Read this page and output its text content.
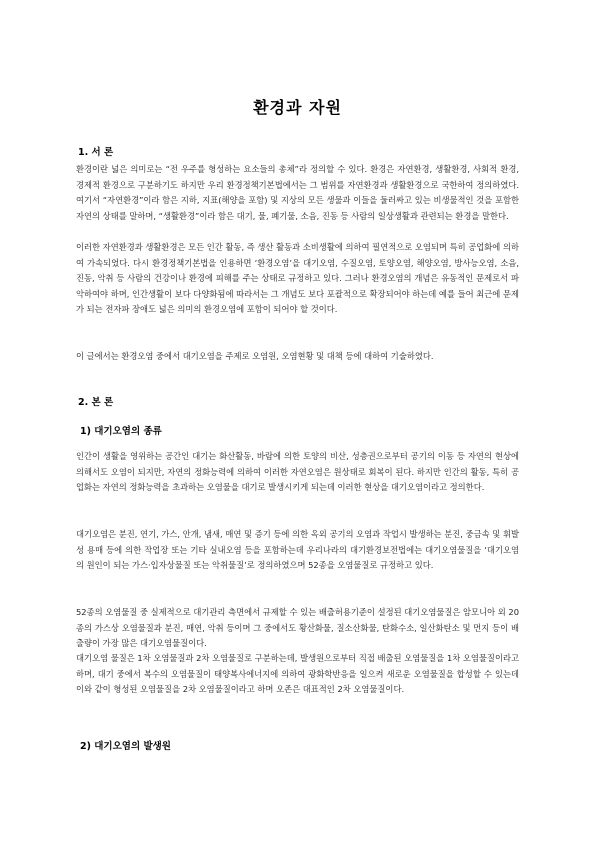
환경과 자원
1. 서 론

환경이란 넓은 의미로는 “전 우주를 형성하는 요소들의 총체”라 정의할 수 있다. 환경은 자연환경, 생활환경, 사회적 환경, 경제적 환경으로 구분하기도 하지만 우리 환경정책기본법에서는 그 범위를 자연환경과 생활환경으로 국한하여 정의하였다. 여기서 “자연환경”이라 함은 지하, 지표(해양을 포함) 및 지상의 모든 생물과 이들을 둘러싸고 있는 비생물적인 것을 포함한 자연의 상태를 말하며, “생활환경”이라 함은 대기, 물, 폐기물, 소음, 진동 등 사람의 일상생활과 관련되는 환경을 말한다.

이러한 자연환경과 생활환경은 모든 인간 활동, 즉 생산 활동과 소비생활에 의하여 필연적으로 오염되며 특히 공업화에 의하여 가속되었다. 다시 환경정책기본법을 인용하면 ‘환경오염’을 대기오염, 수질오염, 토양오염, 해양오염, 방사능오염, 소음, 진동, 악취 등 사람의 건강이나 환경에 피해를 주는 상태로 규정하고 있다. 그러나 환경오염의 개념은 유동적인 문제로서 파악하여야 하며, 인간생활이 보다 다양화됨에 따라서는 그 개념도 보다 포괄적으로 확장되어야 하는데 예를 들어 최근에 문제가 되는 전자파 장애도 넓은 의미의 환경오염에 포함이 되어야 할 것이다.

이 글에서는 환경오염 중에서 대기오염을 주제로 오염원, 오염현황 및 대책 등에 대하여 기술하였다.

2. 본 론
1) 대기오염의 종류

인간이 생활을 영위하는 공간인 대기는 화산활동, 바람에 의한 토양의 비산, 성층권으로부터 공기의 이동 등 자연의 현상에 의해서도 오염이 되지만, 자연의 정화능력에 의하여 이러한 자연오염은 원상태로 회복이 된다. 하지만 인간의 활동, 특히 공업화는 자연의 정화능력을 초과하는 오염물을 대기로 발생시키게 되는데 이러한 현상을 대기오염이라고 정의한다.

대기오염은 분진, 연기, 가스, 안개, 냄새, 매연 및 증기 등에 의한 옥외 공기의 오염과 작업시 발생하는 분진, 중금속 및 휘발성 용매 등에 의한 작업장 또는 기타 실내오염 등을 포함하는데 우리나라의 대기환경보전법에는 대기오염물질을 ‘대기오염의 원인이 되는 가스·입자상물질 또는 악취물질’로 정의하였으며 52종을 오염물질로 규정하고 있다.

52종의 오염물질 중 실제적으로 대기관리 측면에서 규제할 수 있는 배출허용기준이 설정된 대기오염물질은 암모니아 외 20종의 가스상 오염물질과 분진, 매연, 악취 등이며 그 중에서도 황산화물, 질소산화물, 탄화수소, 일산화탄소 및 먼지 등이 배출량이 가장 많은 대기오염물질이다.

대기오염 물질은 1차 오염물질과 2차 오염물질로 구분하는데, 발생원으로부터 직접 배출된 오염물질을 1차 오염물질이라고 하며, 대기 중에서 복수의 오염물질이 태양복사에너지에 의하여 광화학반응을 일으켜 새로운 오염물질을 합성할 수 있는데 이와 같이 형성된 오염물질을 2차 오염물질이라고 하며 오존은 대표적인 2차 오염물질이다.

2) 대기오염의 발생원
